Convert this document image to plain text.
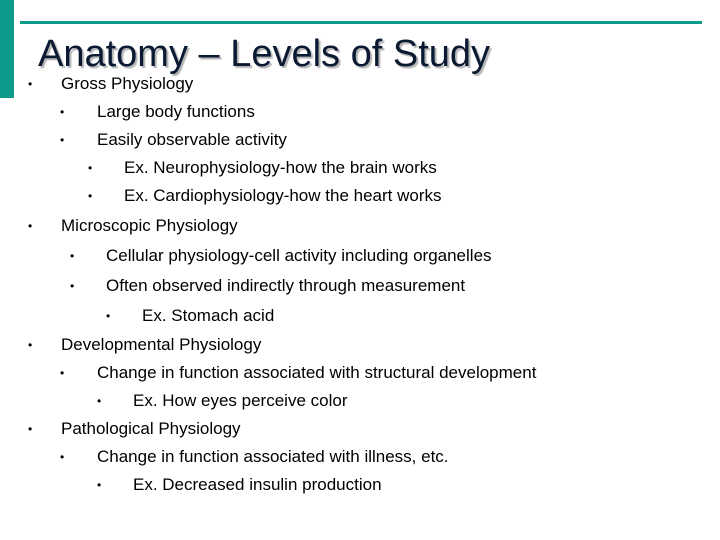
Anatomy – Levels of Study
• Gross Physiology
• Large body functions
• Easily observable activity
• Ex. Neurophysiology-how the brain works
• Ex. Cardiophysiology-how the heart works
• Microscopic Physiology
• Cellular physiology-cell activity including organelles
• Often observed indirectly through measurement
• Ex. Stomach acid
• Developmental Physiology
• Change in function associated with structural development
• Ex. How eyes perceive color
• Pathological Physiology
• Change in function associated with illness, etc.
• Ex. Decreased insulin production
